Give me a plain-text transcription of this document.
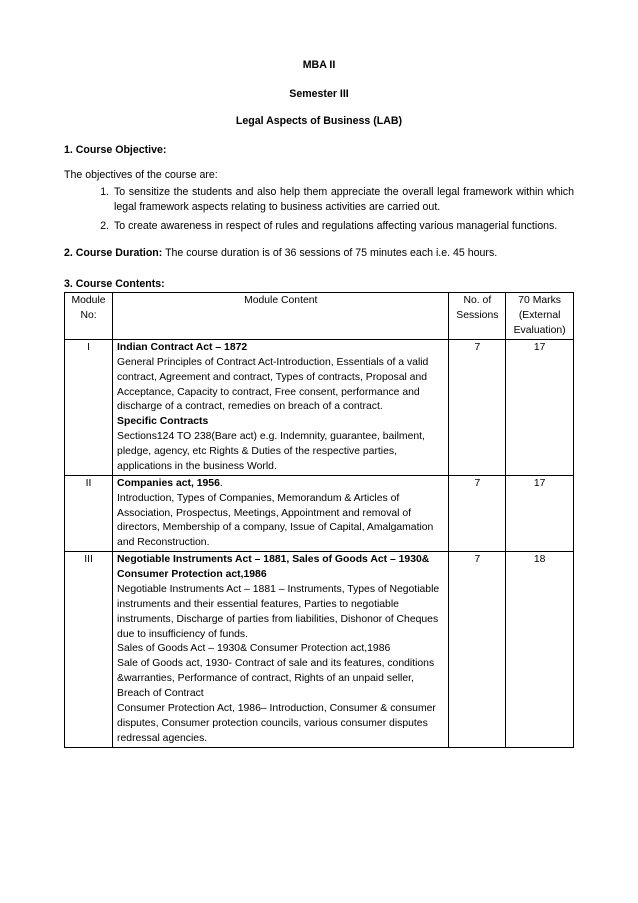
MBA II
Semester III
Legal Aspects of Business (LAB)
1. Course Objective:
The objectives of the course are:
1. To sensitize the students and also help them appreciate the overall legal framework within which legal framework aspects relating to business activities are carried out.
2. To create awareness in respect of rules and regulations affecting various managerial functions.
2. Course Duration: The course duration is of 36 sessions of 75 minutes each i.e. 45 hours.
3. Course Contents:
Module No:	Module Content	No. of Sessions	70 Marks (External Evaluation)
I	Indian Contract Act – 1872
General Principles of Contract Act-Introduction, Essentials of a valid contract, Agreement and contract, Types of contracts, Proposal and Acceptance, Capacity to contract, Free consent, performance and discharge of a contract, remedies on breach of a contract.
Specific Contracts
Sections124 TO 238(Bare act) e.g. Indemnity, guarantee, bailment, pledge, agency, etc Rights & Duties of the respective parties, applications in the business World.	7	17
II	Companies act, 1956.
Introduction, Types of Companies, Memorandum & Articles of Association, Prospectus, Meetings, Appointment and removal of directors, Membership of a company, Issue of Capital, Amalgamation and Reconstruction.	7	17
III	Negotiable Instruments Act – 1881, Sales of Goods Act – 1930& Consumer Protection act,1986
Negotiable Instruments Act – 1881 – Instruments, Types of Negotiable instruments and their essential features, Parties to negotiable instruments, Discharge of parties from liabilities, Dishonor of Cheques due to insufficiency of funds.
Sales of Goods Act – 1930& Consumer Protection act,1986
Sale of Goods act, 1930- Contract of sale and its features, conditions &warranties, Performance of contract, Rights of an unpaid seller, Breach of Contract
Consumer Protection Act, 1986– Introduction, Consumer & consumer disputes, Consumer protection councils, various consumer disputes redressal agencies.	7	18
